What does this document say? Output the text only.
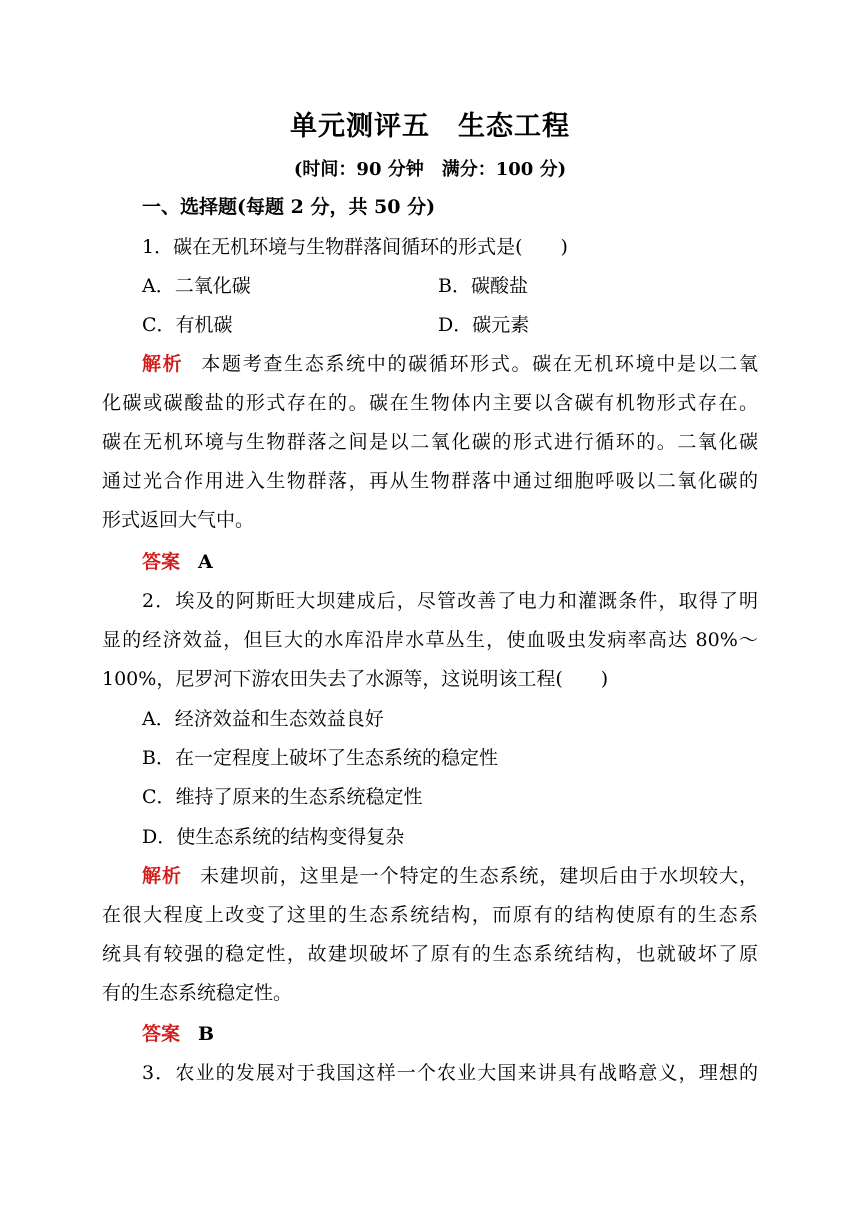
单元测评五　生态工程
(时间：90 分钟　满分：100 分)
一、选择题(每题 2 分，共 50 分)
1．碳在无机环境与生物群落间循环的形式是(　　)
A．二氧化碳	B．碳酸盐
C．有机碳	D．碳元素
解析 本题考查生态系统中的碳循环形式。碳在无机环境中是以二氧
化碳或碳酸盐的形式存在的。碳在生物体内主要以含碳有机物形式存在。
碳在无机环境与生物群落之间是以二氧化碳的形式进行循环的。二氧化碳
通过光合作用进入生物群落，再从生物群落中通过细胞呼吸以二氧化碳的
形式返回大气中。
答案 A
2．埃及的阿斯旺大坝建成后，尽管改善了电力和灌溉条件，取得了明
显的经济效益，但巨大的水库沿岸水草丛生，使血吸虫发病率高达 80%～
100%，尼罗河下游农田失去了水源等，这说明该工程(　　)
A．经济效益和生态效益良好
B．在一定程度上破坏了生态系统的稳定性
C．维持了原来的生态系统稳定性
D．使生态系统的结构变得复杂
解析 未建坝前，这里是一个特定的生态系统，建坝后由于水坝较大，
在很大程度上改变了这里的生态系统结构，而原有的结构使原有的生态系
统具有较强的稳定性，故建坝破坏了原有的生态系统结构，也就破坏了原
有的生态系统稳定性。
答案 B
3．农业的发展对于我国这样一个农业大国来讲具有战略意义，理想的
